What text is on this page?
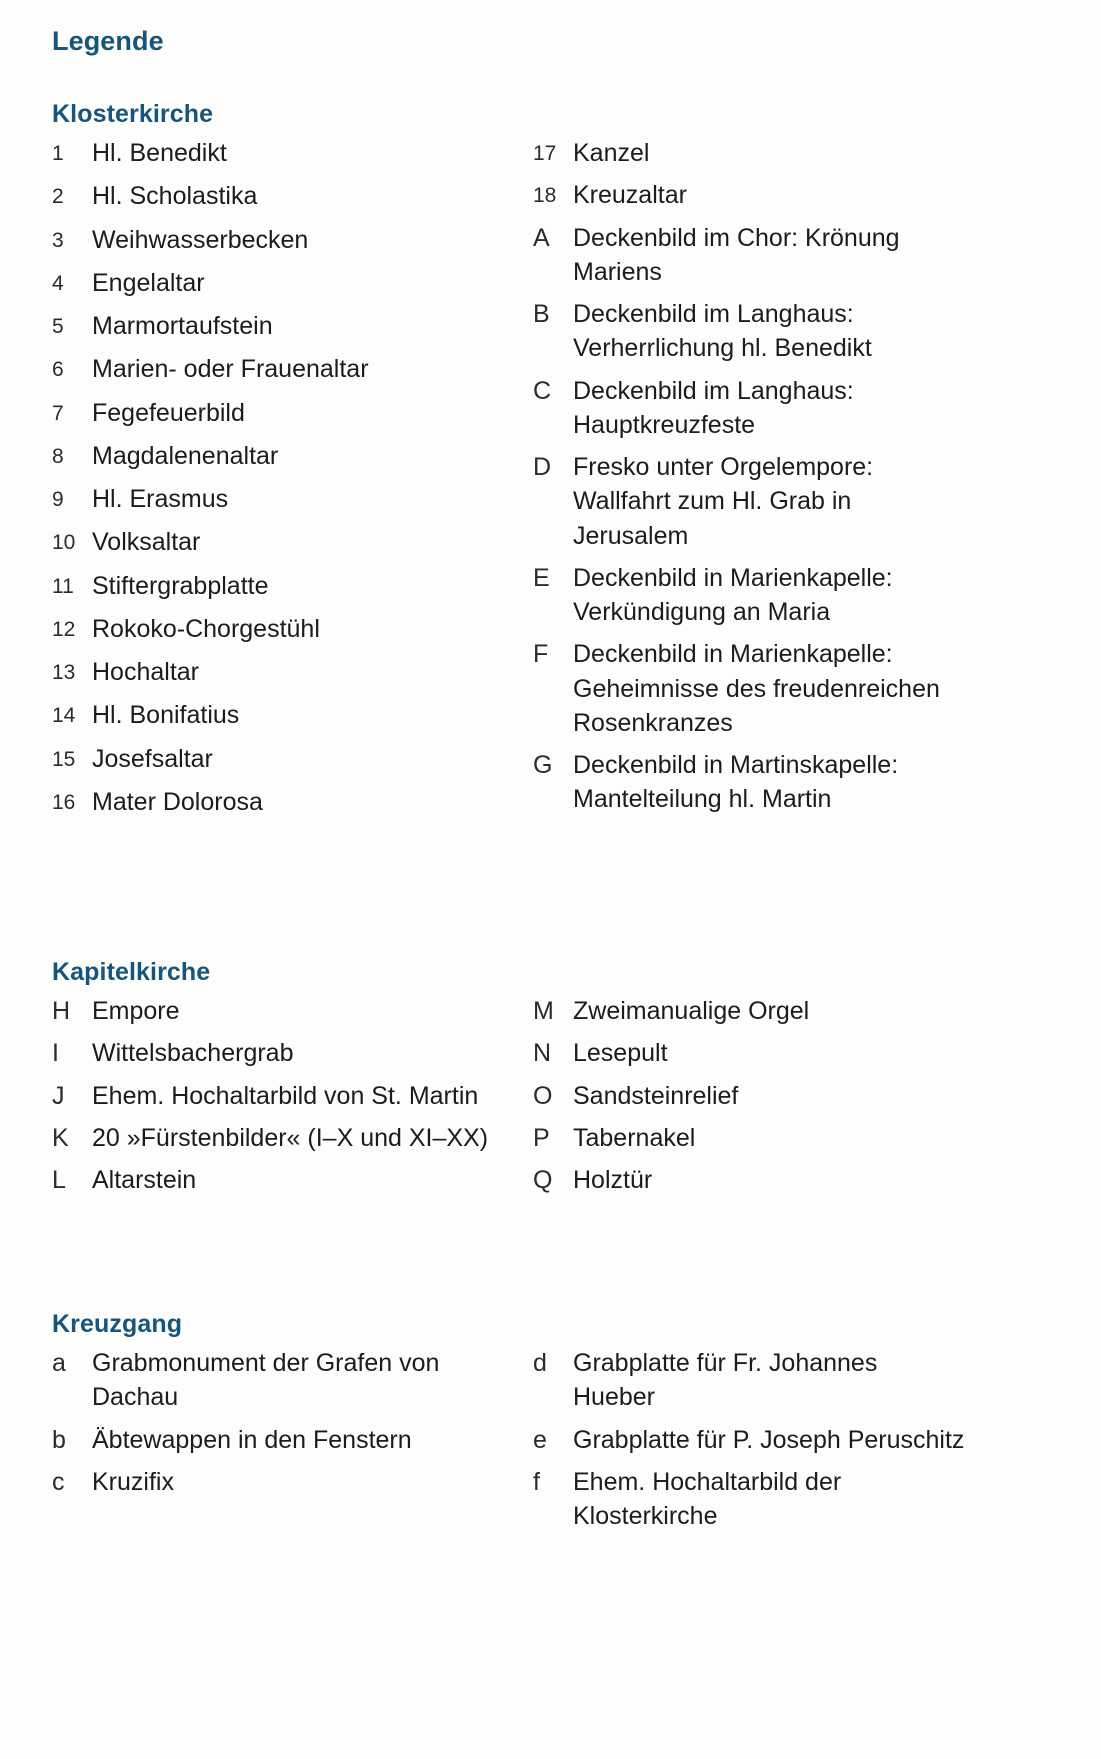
Legende
Klosterkirche
1	Hl. Benedikt
2	Hl. Scholastika
3	Weihwasserbecken
4	Engelaltar
5	Marmortaufstein
6	Marien- oder Frauenaltar
7	Fegefeuerbild
8	Magdalenenaltar
9	Hl. Erasmus
10 Volksaltar
11 Stiftergrabplatte
12 Rokoko-Chorgestühl
13 Hochaltar
14 Hl. Bonifatius
15 Josefsaltar
16 Mater Dolorosa
17 Kanzel
18 Kreuzaltar
A Deckenbild im Chor: Krönung
Mariens
B Deckenbild im Langhaus:
Verherrlichung hl. Benedikt
C Deckenbild im Langhaus:
Hauptkreuzfeste
D Fresko unter Orgelempore:
Wallfahrt zum Hl. Grab in
Jerusalem
E Deckenbild in Marienkapelle:
Verkündigung an Maria
F Deckenbild in Marienkapelle:
Geheimnisse des freudenreichen
Rosenkranzes
G Deckenbild in Martinskapelle:
Mantelteilung hl. Martin
Kapitelkirche
H Empore
I	Wittelsbachergrab
J	Ehem. Hochaltarbild von St. Martin
K 20 »Fürstenbilder« (I–X und XI–XX)
L	Altarstein
M Zweimanualige Orgel
N Lesepult
O Sandsteinrelief
P Tabernakel
Q Holztür
Kreuzgang
a	Grabmonument der Grafen von
Dachau
b	Äbtewappen in den Fenstern
c	Kruzifix
d	Grabplatte für Fr. Johannes
Hueber
e	Grabplatte für P. Joseph Peruschitz
f	Ehem. Hochaltarbild der
Klosterkirche
